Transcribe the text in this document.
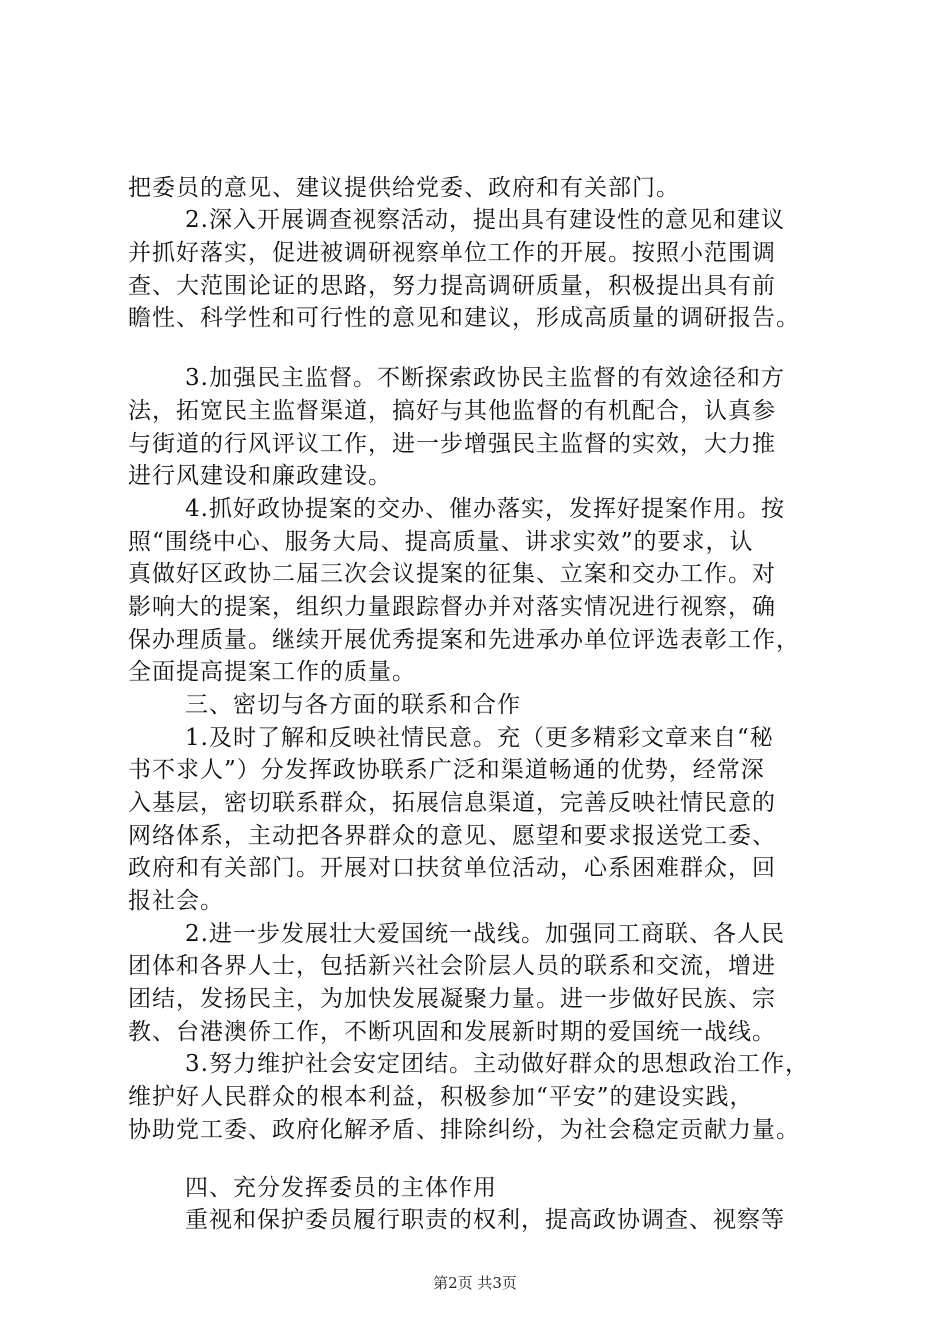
把委员的意见、建议提供给党委、政府和有关部门。
2.深入开展调查视察活动，提出具有建设性的意见和建议
并抓好落实，促进被调研视察单位工作的开展。按照小范围调
查、大范围论证的思路，努力提高调研质量，积极提出具有前
瞻性、科学性和可行性的意见和建议，形成高质量的调研报告。
3.加强民主监督。不断探索政协民主监督的有效途径和方
法，拓宽民主监督渠道，搞好与其他监督的有机配合，认真参
与街道的行风评议工作，进一步增强民主监督的实效，大力推
进行风建设和廉政建设。
4.抓好政协提案的交办、催办落实，发挥好提案作用。按
照“围绕中心、服务大局、提高质量、讲求实效”的要求，认
真做好区政协二届三次会议提案的征集、立案和交办工作。对
影响大的提案，组织力量跟踪督办并对落实情况进行视察，确
保办理质量。继续开展优秀提案和先进承办单位评选表彰工作，
全面提高提案工作的质量。
三、密切与各方面的联系和合作
1.及时了解和反映社情民意。充（更多精彩文章来自“秘
书不求人”）分发挥政协联系广泛和渠道畅通的优势，经常深
入基层，密切联系群众，拓展信息渠道，完善反映社情民意的
网络体系，主动把各界群众的意见、愿望和要求报送党工委、
政府和有关部门。开展对口扶贫单位活动，心系困难群众，回
报社会。
2.进一步发展壮大爱国统一战线。加强同工商联、各人民
团体和各界人士，包括新兴社会阶层人员的联系和交流，增进
团结，发扬民主，为加快发展凝聚力量。进一步做好民族、宗
教、台港澳侨工作，不断巩固和发展新时期的爱国统一战线。
3.努力维护社会安定团结。主动做好群众的思想政治工作，
维护好人民群众的根本利益，积极参加“平安”的建设实践，
协助党工委、政府化解矛盾、排除纠纷，为社会稳定贡献力量。
四、充分发挥委员的主体作用
重视和保护委员履行职责的权利，提高政协调查、视察等
第2页 共3页
